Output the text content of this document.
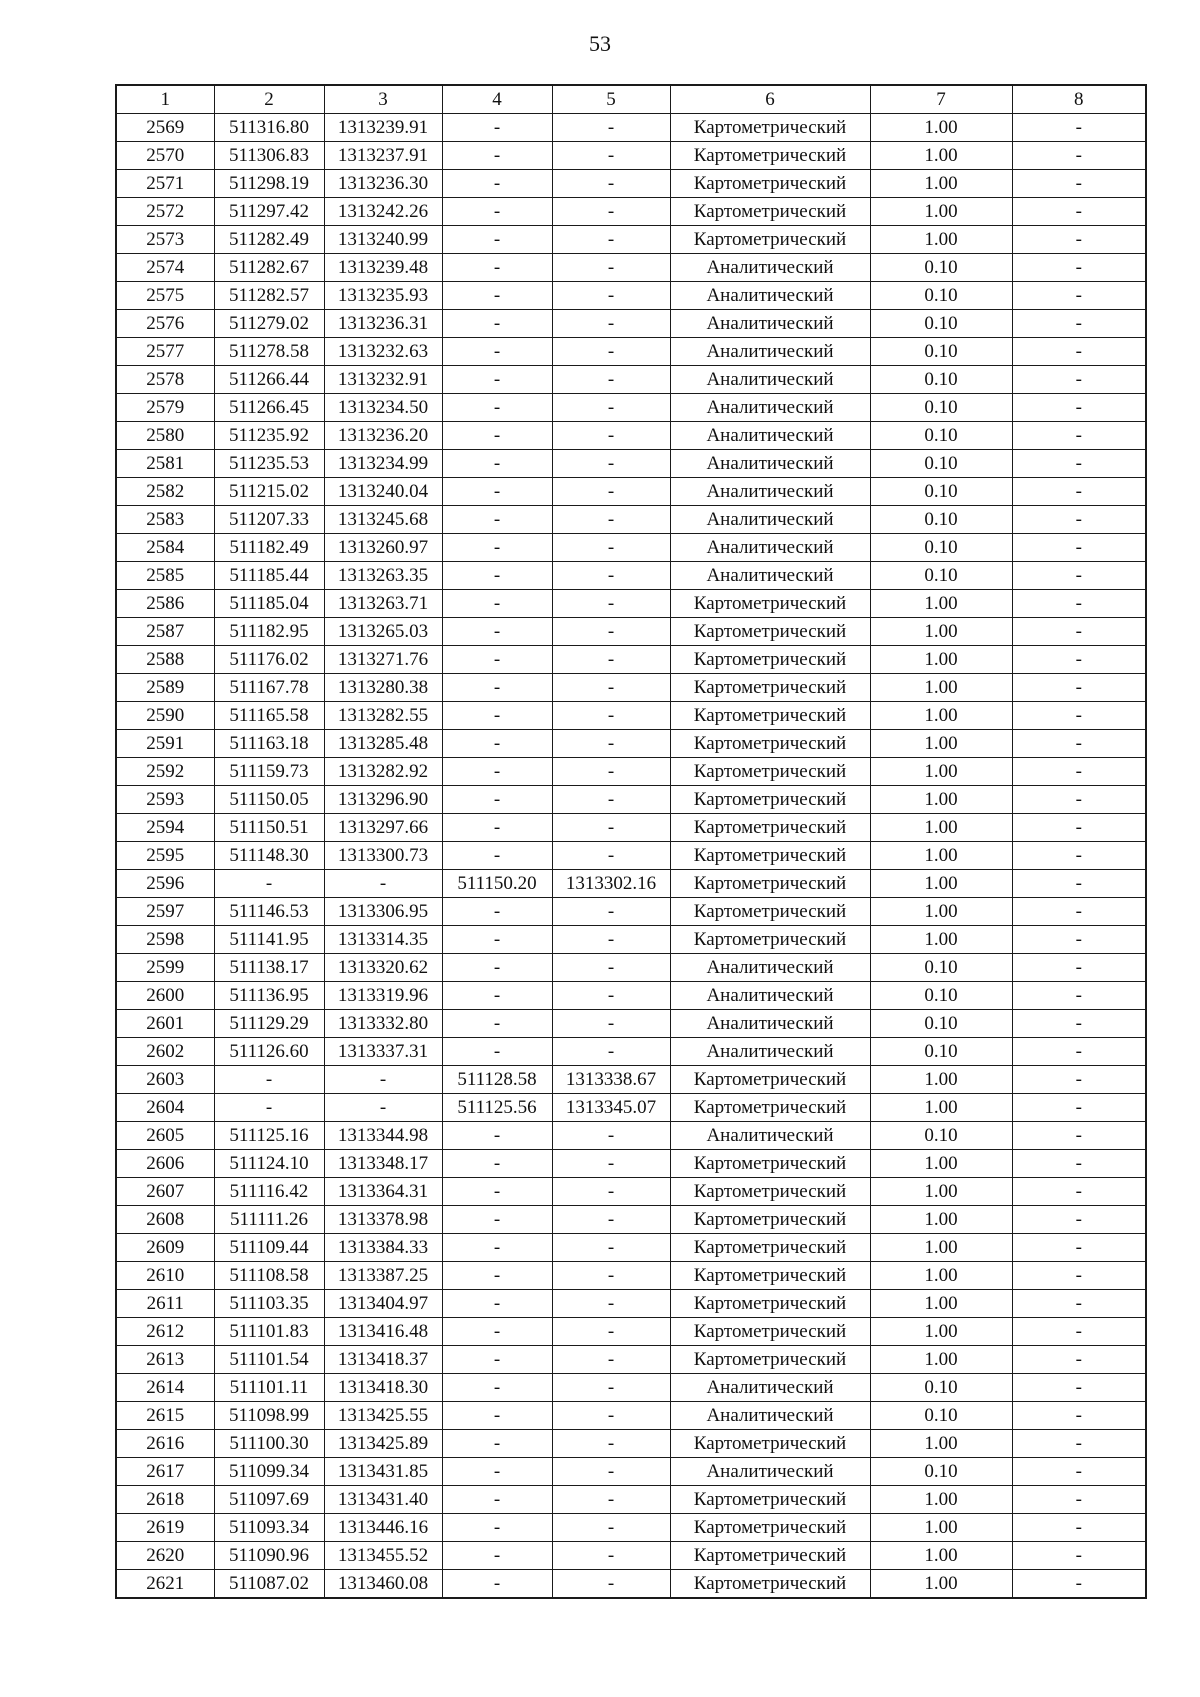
53
1	2	3	4	5	6	7	8
2569	511316.80	1313239.91	-	-	Картометрический	1.00	-
2570	511306.83	1313237.91	-	-	Картометрический	1.00	-
2571	511298.19	1313236.30	-	-	Картометрический	1.00	-
2572	511297.42	1313242.26	-	-	Картометрический	1.00	-
2573	511282.49	1313240.99	-	-	Картометрический	1.00	-
2574	511282.67	1313239.48	-	-	Аналитический	0.10	-
2575	511282.57	1313235.93	-	-	Аналитический	0.10	-
2576	511279.02	1313236.31	-	-	Аналитический	0.10	-
2577	511278.58	1313232.63	-	-	Аналитический	0.10	-
2578	511266.44	1313232.91	-	-	Аналитический	0.10	-
2579	511266.45	1313234.50	-	-	Аналитический	0.10	-
2580	511235.92	1313236.20	-	-	Аналитический	0.10	-
2581	511235.53	1313234.99	-	-	Аналитический	0.10	-
2582	511215.02	1313240.04	-	-	Аналитический	0.10	-
2583	511207.33	1313245.68	-	-	Аналитический	0.10	-
2584	511182.49	1313260.97	-	-	Аналитический	0.10	-
2585	511185.44	1313263.35	-	-	Аналитический	0.10	-
2586	511185.04	1313263.71	-	-	Картометрический	1.00	-
2587	511182.95	1313265.03	-	-	Картометрический	1.00	-
2588	511176.02	1313271.76	-	-	Картометрический	1.00	-
2589	511167.78	1313280.38	-	-	Картометрический	1.00	-
2590	511165.58	1313282.55	-	-	Картометрический	1.00	-
2591	511163.18	1313285.48	-	-	Картометрический	1.00	-
2592	511159.73	1313282.92	-	-	Картометрический	1.00	-
2593	511150.05	1313296.90	-	-	Картометрический	1.00	-
2594	511150.51	1313297.66	-	-	Картометрический	1.00	-
2595	511148.30	1313300.73	-	-	Картометрический	1.00	-
2596	-	-	511150.20	1313302.16	Картометрический	1.00	-
2597	511146.53	1313306.95	-	-	Картометрический	1.00	-
2598	511141.95	1313314.35	-	-	Картометрический	1.00	-
2599	511138.17	1313320.62	-	-	Аналитический	0.10	-
2600	511136.95	1313319.96	-	-	Аналитический	0.10	-
2601	511129.29	1313332.80	-	-	Аналитический	0.10	-
2602	511126.60	1313337.31	-	-	Аналитический	0.10	-
2603	-	-	511128.58	1313338.67	Картометрический	1.00	-
2604	-	-	511125.56	1313345.07	Картометрический	1.00	-
2605	511125.16	1313344.98	-	-	Аналитический	0.10	-
2606	511124.10	1313348.17	-	-	Картометрический	1.00	-
2607	511116.42	1313364.31	-	-	Картометрический	1.00	-
2608	511111.26	1313378.98	-	-	Картометрический	1.00	-
2609	511109.44	1313384.33	-	-	Картометрический	1.00	-
2610	511108.58	1313387.25	-	-	Картометрический	1.00	-
2611	511103.35	1313404.97	-	-	Картометрический	1.00	-
2612	511101.83	1313416.48	-	-	Картометрический	1.00	-
2613	511101.54	1313418.37	-	-	Картометрический	1.00	-
2614	511101.11	1313418.30	-	-	Аналитический	0.10	-
2615	511098.99	1313425.55	-	-	Аналитический	0.10	-
2616	511100.30	1313425.89	-	-	Картометрический	1.00	-
2617	511099.34	1313431.85	-	-	Аналитический	0.10	-
2618	511097.69	1313431.40	-	-	Картометрический	1.00	-
2619	511093.34	1313446.16	-	-	Картометрический	1.00	-
2620	511090.96	1313455.52	-	-	Картометрический	1.00	-
2621	511087.02	1313460.08	-	-	Картометрический	1.00	-
